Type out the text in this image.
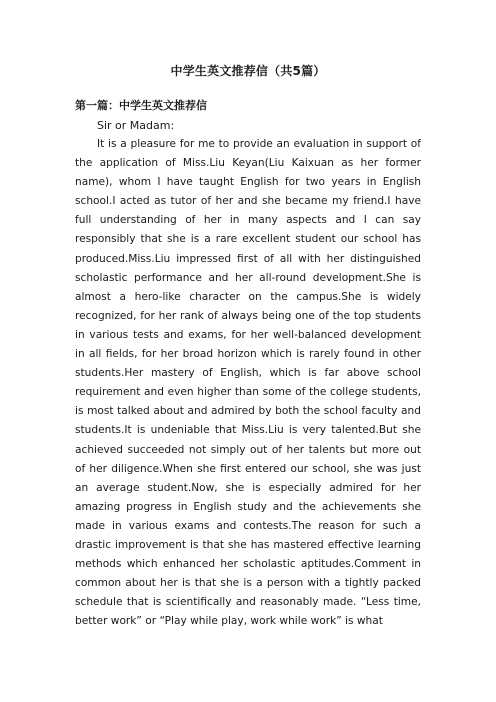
中学生英文推荐信（共5篇）
第一篇：中学生英文推荐信
Sir or Madam:

It is a pleasure for me to provide an evaluation in support of the application of Miss.Liu Keyan(Liu Kaixuan as her former name), whom I have taught English for two years in English school.I acted as tutor of her and she became my friend.I have full understanding of her in many aspects and I can say responsibly that she is a rare excellent student our school has produced.Miss.Liu impressed first of all with her distinguished scholastic performance and her all-round development.She is almost a hero-like character on the campus.She is widely recognized, for her rank of always being one of the top students in various tests and exams, for her well-balanced development in all fields, for her broad horizon which is rarely found in other students.Her mastery of English, which is far above school requirement and even higher than some of the college students, is most talked about and admired by both the school faculty and students.It is undeniable that Miss.Liu is very talented.But she achieved succeeded not simply out of her talents but more out of her diligence.When she first entered our school, she was just an average student.Now, she is especially admired for her amazing progress in English study and the achievements she made in various exams and contests.The reason for such a drastic improvement is that she has mastered effective learning methods which enhanced her scholastic aptitudes.Comment in common about her is that she is a person with a tightly packed schedule that is scientifically and reasonably made. “Less time, better work” or “Play while play, work while work” is what
